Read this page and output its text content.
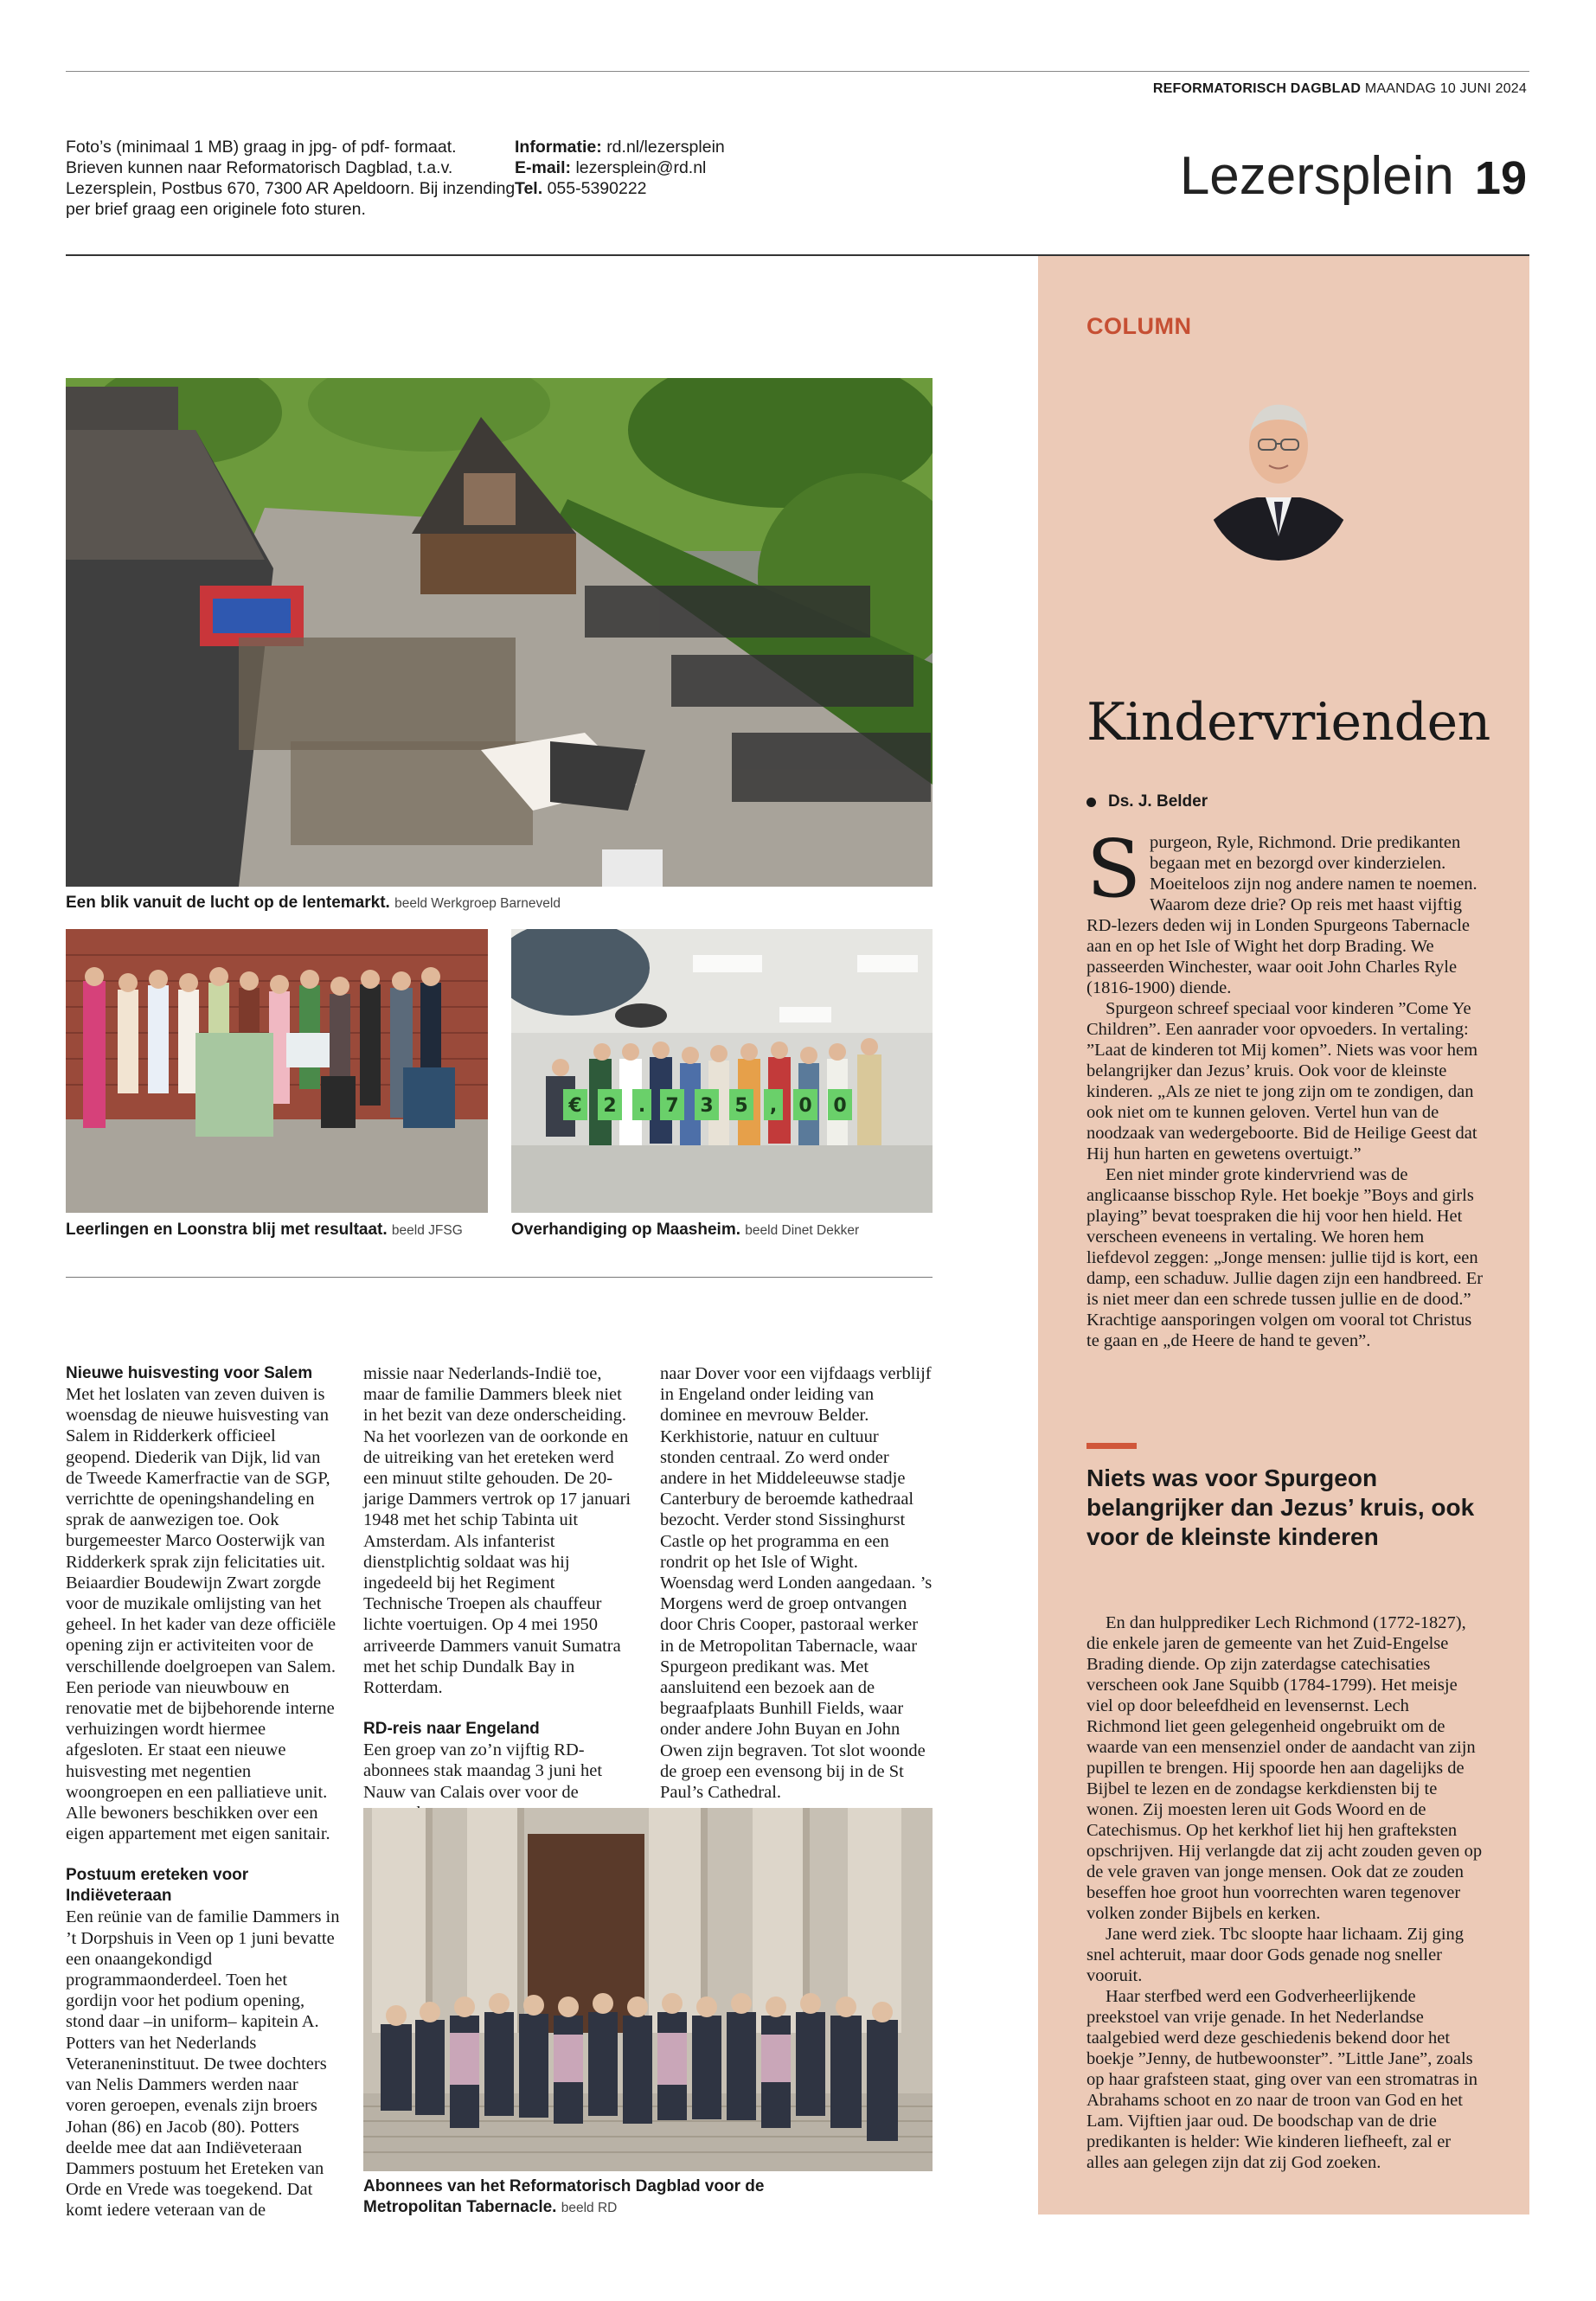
REFORMATORISCH DAGBLAD MAANDAG 10 JUNI 2024
Foto’s (minimaal 1 MB) graag in jpg- of pdf- formaat. Brieven kunnen naar Reformatorisch Dagblad, t.a.v. Lezersplein, Postbus 670, 7300 AR Apeldoorn. Bij inzending per brief graag een originele foto sturen.
Informatie: rd.nl/lezersplein
E-mail: lezersplein@rd.nl
Tel. 055-5390222	Lezersplein 19
Een blik vanuit de lucht op de lentemarkt. beeld Werkgroep Barneveld
Leerlingen en Loonstra blij met resultaat. beeld JFSG
€ 2 . 7 3 5 , 0 0
Overhandiging op Maasheim. beeld Dinet Dekker
Nieuwe huisvesting voor Salem

Met het loslaten van zeven duiven is woensdag de nieuwe huisvesting van Salem in Ridderkerk officieel geopend. Diederik van Dijk, lid van de Tweede Kamerfractie van de SGP, verrichtte de openingshandeling en sprak de aanwezigen toe. Ook burgemeester Marco Oosterwijk van Ridderkerk sprak zijn felicitaties uit. Beiaardier Boudewijn Zwart zorgde voor de muzikale omlijsting van het geheel. In het kader van deze officiële opening zijn er activiteiten voor de verschillende doelgroepen van Salem. Een periode van nieuwbouw en renovatie met de bijbehorende interne verhuizingen wordt hiermee afgesloten. Er staat een nieuwe huisvesting met negentien woongroepen en een palliatieve unit. Alle bewoners beschikken over een eigen appartement met eigen sanitair.

Postuum ereteken voor Indiëveteraan

Een reünie van de familie Dammers in ’t Dorpshuis in Veen op 1 juni bevatte een onaangekondigd programmaonderdeel. Toen het gordijn voor het podium opening, stond daar –in uniform– kapitein A. Potters van het Nederlands Veteraneninstituut. De twee dochters van Nelis Dammers werden naar voren geroepen, evenals zijn broers Johan (86) en Jacob (80). Potters deelde mee dat aan Indiëveteraan Dammers postuum het Ereteken van Orde en Vrede was toegekend. Dat komt iedere veteraan van de

missie naar Nederlands-Indië toe, maar de familie Dammers bleek niet in het bezit van deze onderscheiding. Na het voorlezen van de oorkonde en de uitreiking van het ereteken werd een minuut stilte gehouden. De 20-jarige Dammers vertrok op 17 januari 1948 met het schip Tabinta uit Amsterdam. Als infanterist dienstplichtig soldaat was hij ingedeeld bij het Regiment Technische Troepen als chauffeur lichte voertuigen. Op 4 mei 1950 arriveerde Dammers vanuit Sumatra met het schip Dundalk Bay in Rotterdam.

RD-reis naar Engeland

Een groep van zo’n vijftig RD-abonnees stak maandag 3 juni het Nauw van Calais over voor de

naar Dover voor een vijfdaags verblijf in Engeland onder leiding van dominee en mevrouw Belder. Kerkhistorie, natuur en cultuur stonden centraal. Zo werd onder andere in het Middeleeuwse stadje Canterbury de beroemde kathedraal bezocht. Verder stond Sissinghurst Castle op het programma en een rondrit op het Isle of Wight. Woensdag werd Londen aangedaan. ’s Morgens werd de groep ontvangen door Chris Cooper, pastoraal werker in de Metropolitan Tabernacle, waar Spurgeon predikant was. Met aansluitend een bezoek aan de begraafplaats Bunhill Fields, waar onder andere John Buyan en John Owen zijn begraven. Tot slot woonde de groep een evensong bij in de St Paul’s Cathedral.

Abonnees van het Reformatorisch Dagblad voor de Metropolitan Tabernacle. beeld RD
COLUMN
Kindervrienden
Ds. J. Belder

Spurgeon, Ryle, Richmond. Drie predikanten begaan met en bezorgd over kinderzielen. Moeiteloos zijn nog andere namen te noemen. Waarom deze drie? Op reis met haast vijftig RD-lezers deden wij in Londen Spurgeons Tabernacle aan en op het Isle of Wight het dorp Brading. We passeerden Winchester, waar ooit John Charles Ryle (1816-1900) diende.

Spurgeon schreef speciaal voor kinderen ”Come Ye Children”. Een aanrader voor opvoeders. In vertaling: ”Laat de kinderen tot Mij komen”. Niets was voor hem belangrijker dan Jezus’ kruis. Ook voor de kleinste kinderen. „Als ze niet te jong zijn om te zondigen, dan ook niet om te kunnen geloven. Vertel hun van de noodzaak van wedergeboorte. Bid de Heilige Geest dat Hij hun harten en gewetens overtuigt.”

Een niet minder grote kindervriend was de anglicaanse bisschop Ryle. Het boekje ”Boys and girls playing” bevat toespraken die hij voor hen hield. Het verscheen eveneens in vertaling. We horen hem liefdevol zeggen: „Jonge mensen: jullie tijd is kort, een damp, een schaduw. Jullie dagen zijn een handbreed. Er is niet meer dan een schrede tussen jullie en de dood.” Krachtige aansporingen volgen om vooral tot Christus te gaan en „de Heere de hand te geven”.

Niets was voor Spurgeon belangrijker dan Jezus’ kruis, ook voor de kleinste kinderen

En dan hulpprediker Lech Richmond (1772-1827), die enkele jaren de gemeente van het Zuid-Engelse Brading diende. Op zijn zaterdagse catechisaties verscheen ook Jane Squibb (1784-1799). Het meisje viel op door beleefdheid en levensernst. Lech Richmond liet geen gelegenheid ongebruikt om de waarde van een mensenziel onder de aandacht van zijn pupillen te brengen. Hij spoorde hen aan dagelijks de Bijbel te lezen en de zondagse kerkdiensten bij te wonen. Zij moesten leren uit Gods Woord en de Catechismus. Op het kerkhof liet hij hen grafteksten opschrijven. Hij verlangde dat zij acht zouden geven op de vele graven van jonge mensen. Ook dat ze zouden beseffen hoe groot hun voorrechten waren tegenover volken zonder Bijbels en kerken.

Jane werd ziek. Tbc sloopte haar lichaam. Zij ging snel achteruit, maar door Gods genade nog sneller vooruit.

Haar sterfbed werd een Godverheerlijkende preekstoel van vrije genade. In het Nederlandse taalgebied werd deze geschiedenis bekend door het boekje ”Jenny, de hutbewoonster”. ”Little Jane”, zoals op haar grafsteen staat, ging over van een stromatras in Abrahams schoot en zo naar de troon van God en het Lam. Vijftien jaar oud. De boodschap van de drie predikanten is helder: Wie kinderen liefheeft, zal er alles aan gelegen zijn dat zij God zoeken.
